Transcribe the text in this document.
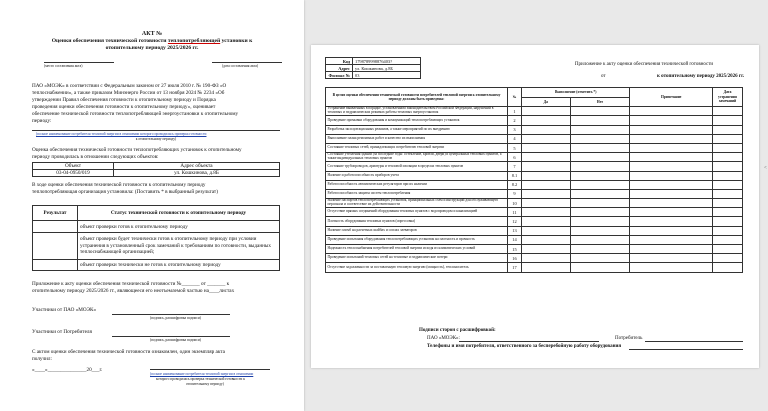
АКТ №
Оценки обеспечения технической готовности теплопотребляющей установки к
отопительному периоду 2025/2026 гг.
(место составления акта)	(дата составления акта)
ПАО «МОЭК» в соответствии с Федеральным законом от 27 июля 2010 г. № 190-ФЗ «О
теплоснабжении», а также приказом Минэнерго России от 13 ноября 2024 № 2234 «Об
утверждении Правил обеспечения готовности к отопительному периоду и Порядка
проведения оценки обеспечения готовности к отопительному периоду», оценивает
обеспечение технической готовности теплопотребляющей энергоустановки к отопительному
периоду:
(полное наименование потребителя тепловой энергии в отношении которого проводилась проверка готовности
к отопительному периоду)
Оценка обеспечения технической готовности теплопотребляющих установок к отопительному
периоду проводилась в отношении следующих объектов:
Объект	Адрес объекта
03-04-0950/019	ул. Кошкинова, д.8Б
В ходе оценки обеспечения технической готовности к отопительному периоду
теплопотребляющая организация установила: (Поставить * в выбранный результат)
Результат	Статус технической готовности к отопительному периоду
	объект проверки готов к отопительному периоду
	объект проверки будет технически готов к отопительному периоду при условии устранения в установленный срок замечаний к требованиям по готовности, выданных теплоснабжающей организацией;
	объект проверки технически не готов к отопительному периоду
Приложение к акту оценки обеспечения технической готовности №_______ от _______ к
отопительному периоду 2025/2026 гг., являющееся его неотъемлемой частью на____листах
Участники от ПАО «МОЭК»
(подпись, расшифровка подписи)
Участники от Потребителя
(подпись, расшифровка подписи)
С актом оценки обеспечения технической готовности ознакомлен, один экземпляр акта
получил:
«____»_______________20___г.
(полное наименование потребителя тепловой энергии в отношении
которого проводилась проверка технической готовности к
отопительному периоду)
Код	1798789998876403?
Адрес	ул. Кошкинова, д.8Б
Филиал №	03
Приложение к акту оценки обеспечения технической готовности
от	к отопительному периоду 2025/2026 гг.
В целях оценки обеспечения технической готовности потребителей тепловой энергии к отопительному периоду должны быть проведены:	№	Выполнение (отметить *)		Примечание	Дата устранения замечаний
		Да	Нет		
Устранение выявленных в порядке, установленном законодательством Российской Федерации, нарушений в тепловых и гидравлических режимах работы тепловых энергоустановок	1				
Проведение промывки оборудования и коммуникаций теплопотребляющих установок	2				
Разработка эксплуатационных режимов, а также мероприятий по их внедрению	3				
Выполнение плана ремонтных работ и качество их выполнения	4				
Состояние тепловых сетей, принадлежащих потребителю тепловой энергии	5				
Состояние утепления зданий (за последние годы: остекление, кровли, двери) и центральных тепловых пунктов, а также индивидуальных тепловых пунктов	6				
Состояние трубопроводов, арматуры и тепловой изоляции в пределах тепловых пунктов	7				
Наличие и работоспособность приборов учета	8.1				
Работоспособность автоматических регуляторов при их наличии	8.2				
Работоспособность защиты систем теплопотребления	9				
Наличие паспортов теплопотребляющих установок, принципиальных схем и инструкций для обслуживающего персонала и соответствие их действительности	10				
Отсутствие прямых соединений оборудования тепловых пунктов с водопроводом и канализацией	11				
Плотность оборудования тепловых пунктов (опрессовка)	12				
Наличие пломб на расчетных шайбах и соплах элеваторов	13				
Проведение испытания оборудования теплопотребляющих установок на плотность и прочность	14				
Надежность теплоснабжения потребителей тепловой энергии исходя из климатических условий	15				
Проведение испытаний тепловых сетей на тепловые и гидравлические потери	16				
Отсутствие задолженности за поставленную тепловую энергию (мощность), теплоноситель	17				
Подписи сторон с расшифровкой:
ПАО «МОЭК»:	Потребитель
Телефоны и имя потребителя, ответственного за бесперебойную работу оборудования
<
